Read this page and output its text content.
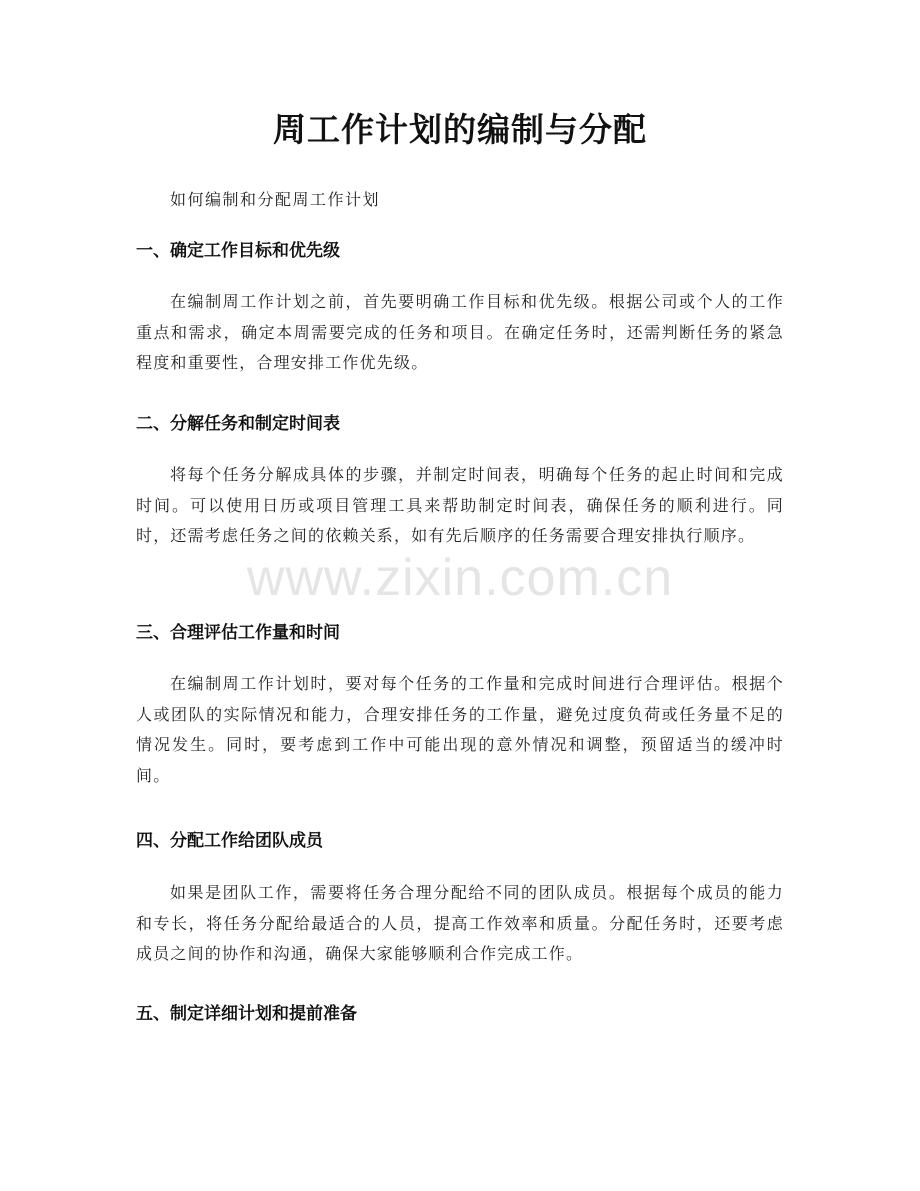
周工作计划的编制与分配
如何编制和分配周工作计划
一、确定工作目标和优先级
在编制周工作计划之前，首先要明确工作目标和优先级。根据公司或个人的工作重点和需求，确定本周需要完成的任务和项目。在确定任务时，还需判断任务的紧急程度和重要性，合理安排工作优先级。
二、分解任务和制定时间表
将每个任务分解成具体的步骤，并制定时间表，明确每个任务的起止时间和完成时间。可以使用日历或项目管理工具来帮助制定时间表，确保任务的顺利进行。同时，还需考虑任务之间的依赖关系，如有先后顺序的任务需要合理安排执行顺序。
三、合理评估工作量和时间
在编制周工作计划时，要对每个任务的工作量和完成时间进行合理评估。根据个人或团队的实际情况和能力，合理安排任务的工作量，避免过度负荷或任务量不足的情况发生。同时，要考虑到工作中可能出现的意外情况和调整，预留适当的缓冲时间。
四、分配工作给团队成员
如果是团队工作，需要将任务合理分配给不同的团队成员。根据每个成员的能力和专长，将任务分配给最适合的人员，提高工作效率和质量。分配任务时，还要考虑成员之间的协作和沟通，确保大家能够顺利合作完成工作。
五、制定详细计划和提前准备
www.zixin.com.cn
